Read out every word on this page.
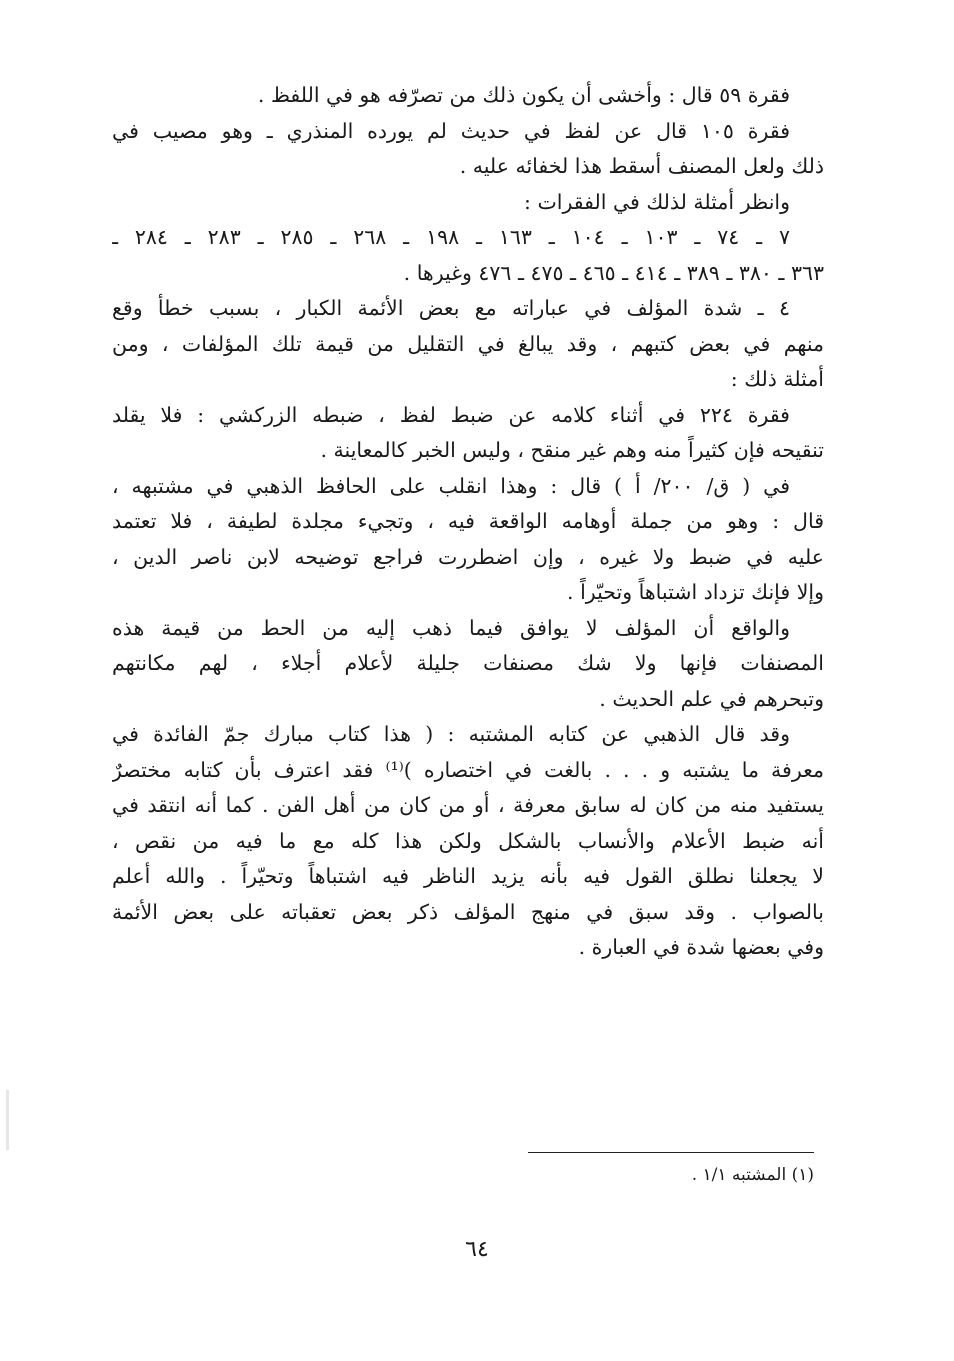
فقرة ٥٩ قال : وأخشى أن يكون ذلك من تصرّفه هو في اللفظ .
فقرة ١٠٥ قال عن لفظ في حديث لم يورده المنذري ـ وهو مصيب في
ذلك ولعل المصنف أسقط هذا لخفائه عليه .
وانظر أمثلة لذلك في الفقرات :
٧ ـ ٧٤ ـ ١٠٣ ـ ١٠٤ ـ ١٦٣ ـ ١٩٨ ـ ٢٦٨ ـ ٢٨٥ ـ ٢٨٣ ـ ٢٨٤ ـ
٣٦٣ ـ ٣٨٠ ـ ٣٨٩ ـ ٤١٤ ـ ٤٦٥ ـ ٤٧٥ ـ ٤٧٦ وغيرها .
٤ ـ شدة المؤلف في عباراته مع بعض الأئمة الكبار ، بسبب خطأ وقع
منهم في بعض كتبهم ، وقد يبالغ في التقليل من قيمة تلك المؤلفات ، ومن
أمثلة ذلك :
فقرة ٢٢٤ في أثناء كلامه عن ضبط لفظ ، ضبطه الزركشي : فلا يقلد
تنقيحه فإن كثيراً منه وهم غير منقح ، وليس الخبر كالمعاينة .
في ( ق/ ٢٠٠/ أ ) قال : وهذا انقلب على الحافظ الذهبي في مشتبهه ،
قال : وهو من جملة أوهامه الواقعة فيه ، وتجيء مجلدة لطيفة ، فلا تعتمد
عليه في ضبط ولا غيره ، وإن اضطررت فراجع توضيحه لابن ناصر الدين ،
وإلا فإنك تزداد اشتباهاً وتحيّراً .
والواقع أن المؤلف لا يوافق فيما ذهب إليه من الحط من قيمة هذه
المصنفات فإنها ولا شك مصنفات جليلة لأعلام أجلاء ، لهم مكانتهم
وتبحرهم في علم الحديث .
وقد قال الذهبي عن كتابه المشتبه : ( هذا كتاب مبارك جمّ الفائدة في
معرفة ما يشتبه و . . . بالغت في اختصاره )⁽¹⁾ فقد اعترف بأن كتابه مختصرٌ
يستفيد منه من كان له سابق معرفة ، أو من كان من أهل الفن . كما أنه انتقد في
أنه ضبط الأعلام والأنساب بالشكل ولكن هذا كله مع ما فيه من نقص ،
لا يجعلنا نطلق القول فيه بأنه يزيد الناظر فيه اشتباهاً وتحيّراً . والله أعلم
بالصواب . وقد سبق في منهج المؤلف ذكر بعض تعقباته على بعض الأئمة
وفي بعضها شدة في العبارة .
(١) المشتبه ١/١ .
٦٤
